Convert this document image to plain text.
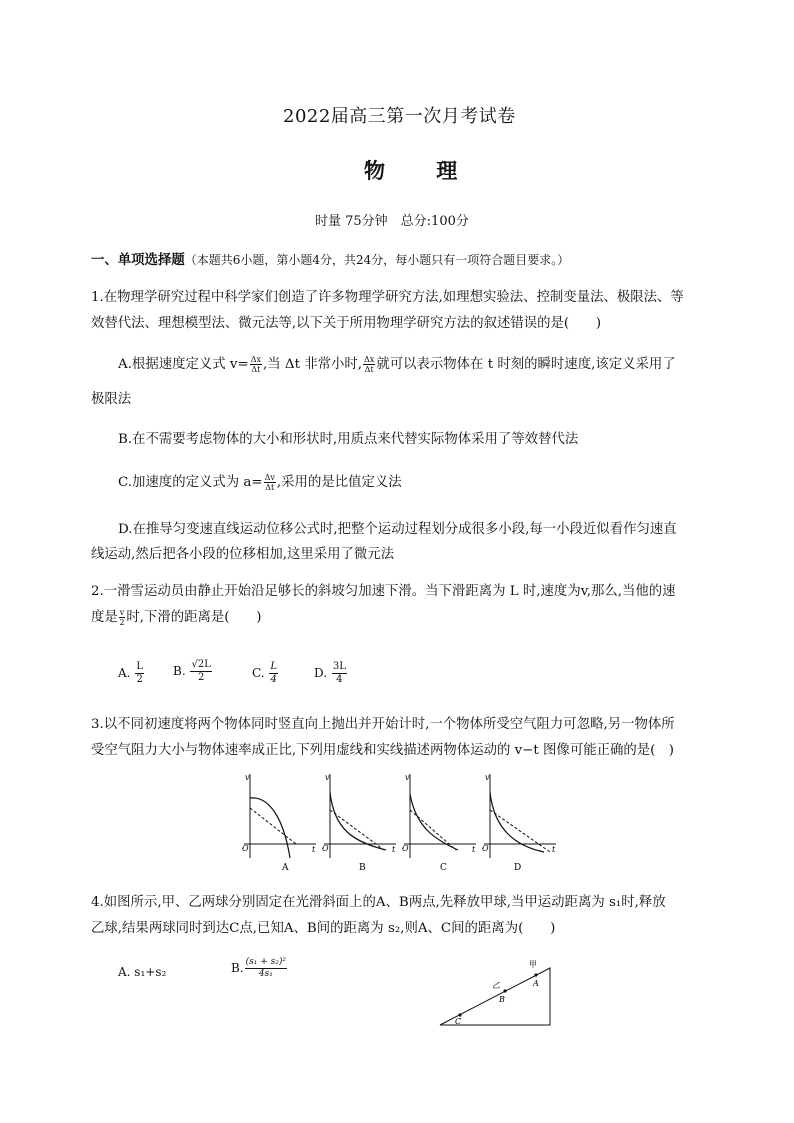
2022届高三第一次月考试卷
物 理
时量 75分钟　总分:100分
一、单项选择题（本题共6小题，第小题4分，共24分，每小题只有一项符合题目要求。）
1.在物理学研究过程中科学家们创造了许多物理学研究方法,如理想实验法、控制变量法、极限法、等
效替代法、理想模型法、微元法等,以下关于所用物理学研究方法的叙述错误的是(　　)
A.根据速度定义式 $v= \frac{\Delta x}{\Delta t}$ ,当 Δt 非常小时, $\frac{\Delta x}{\Delta t}$ 就可以表示物体在 t 时刻的瞬时速度,该定义采用了
极限法
B.在不需要考虑物体的大小和形状时,用质点来代替实际物体采用了等效替代法
C.加速度的定义式为 $a= \frac{\Delta v}{\Delta t}$ ,采用的是比值定义法
D.在推导匀变速直线运动位移公式时,把整个运动过程划分成很多小段,每一小段近似看作匀速直
线运动,然后把各小段的位移相加,这里采用了微元法
2.一滑雪运动员由静止开始沿足够长的斜坡匀加速下滑。当下滑距离为 L 时,速度为v,那么,当他的速
度是 $\frac{v}{2}$ 时,下滑的距离是(　　)
A. $\frac{L}{2} B$. $\frac{√2L}{2}$	C. $\frac{L}{4}$	D. $\frac{3L}{4}$
3.以不同初速度将两个物体同时竖直向上抛出并开始计时,一个物体所受空气阻力可忽略,另一物体所
受空气阻力大小与物体速率成正比,下列用虚线和实线描述两物体运动的 v−t 图像可能正确的是(　)
v
t
O
A
v
t
O
B
v
t
O
C
v
t
O
D
4.如图所示,甲、乙两球分别固定在光滑斜面上的A、B两点,先释放甲球,当甲运动距离为 s₁时,释放
乙球,结果两球同时到达C点,已知A、B间的距离为 s₂,则A、C间的距离为(　　)
A. s₁+s₂	B. $\frac{\text{(s₁ + s₂)²}}{\text{4s₁}}$	甲
A
乙
B
C
